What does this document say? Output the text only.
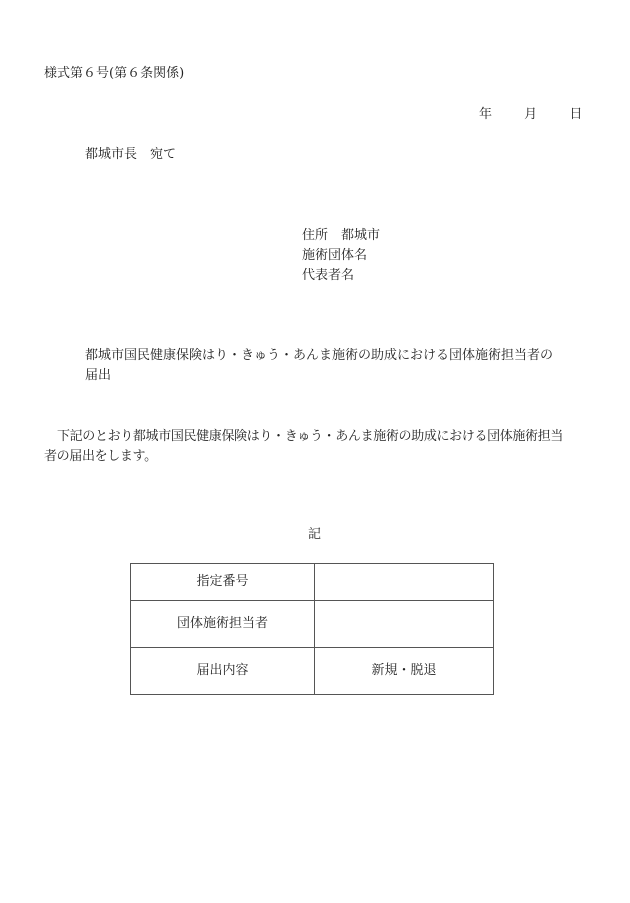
様式第６号(第６条関係)
年 月 日
都城市長 宛て
住所 都城市
施術団体名
代表者名
都城市国民健康保険はり・きゅう・あんま施術の助成における団体施術担当者の
届出
下記のとおり都城市国民健康保険はり・きゅう・あんま施術の助成における団体施術担当
者の届出をします。
記
指定番号	
団体施術担当者	
届出内容	新規・脱退
